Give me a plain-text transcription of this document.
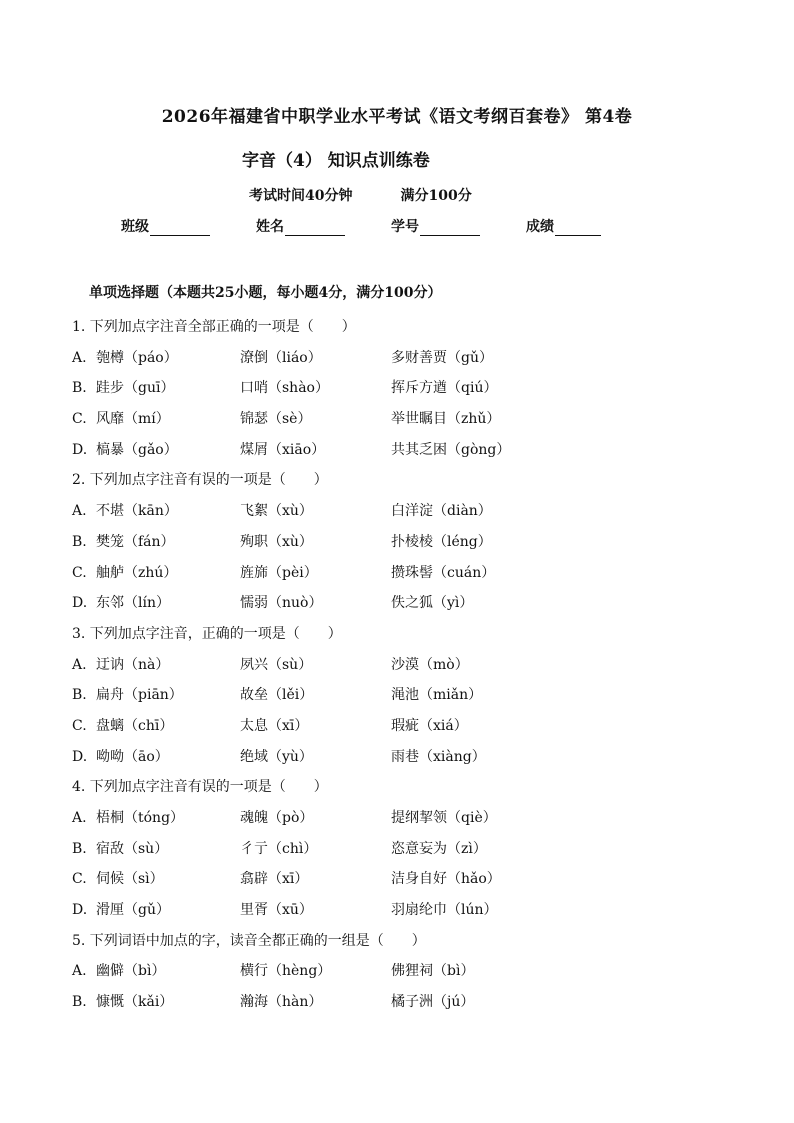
2026年福建省中职学业水平考试《语文考纲百套卷》 第4卷
字音（4） 知识点训练卷
考试时间40分钟	满分100分
班级	姓名	学号	成绩
单项选择题（本题共25小题，每小题4分，满分100分）
1. 下列加点字注音全部正确的一项是（　　）
A. 匏樽（páo）	潦倒（liáo）	多财善贾（gǔ）
B. 跬步（guī）	口哨（shào）	挥斥方遒（qiú）
C. 风靡（mí）	锦瑟（sè）	举世瞩目（zhǔ）
D. 槁暴（gǎo）	煤屑（xiāo）	共其乏困（gòng）
2. 下列加点字注音有误的一项是（　　）
A. 不堪（kān）	飞絮（xù）	白洋淀（diàn）
B. 樊笼（fán）	殉职（xù）	扑棱棱（léng）
C. 舳舻（zhú）	旌旆（pèi）	攒珠髻（cuán）
D. 东邻（lín）	懦弱（nuò）	佚之狐（yì）
3. 下列加点字注音，正确的一项是（　　）
A. 迂讷（nà）	夙兴（sù）	沙漠（mò）
B. 扁舟（piān）	故垒（lěi）	渑池（miǎn）
C. 盘螭（chī）	太息（xī）	瑕疵（xiá）
D. 呦呦（āo）	绝域（yù）	雨巷（xiàng）
4. 下列加点字注音有误的一项是（　　）
A. 梧桐（tóng）	魂魄（pò）	提纲挈领（qiè）
B. 宿敌（sù）	彳亍（chì）	恣意妄为（zì）
C. 伺候（sì）	翕辟（xī）	洁身自好（hǎo）
D. 滑厘（gǔ）	里胥（xū）	羽扇纶巾（lún）
5. 下列词语中加点的字，读音全都正确的一组是（　　）
A. 幽僻（bì）	横行（hèng）	佛狸祠（bì）
B. 慷慨（kǎi）	瀚海（hàn）	橘子洲（jú）
